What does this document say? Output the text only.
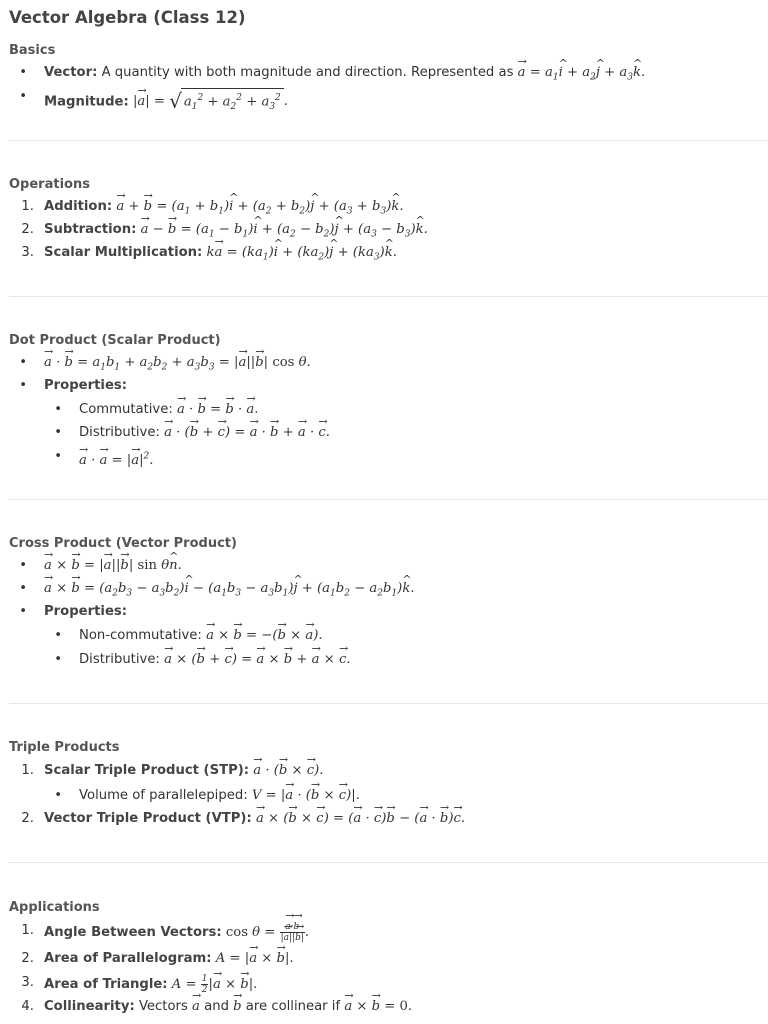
Vector Algebra (Class 12)
Basics
• Vector: A quantity with both magnitude and direction. Represented as → $a = a_1\^{}$ $i + a_2\^{}$ $j + a_3\^{}$ k.
• Magnitude: |→ a| = √ $a_1^2 + a_2^2 + a_3^2$ .
Operations
1. Addition: → a + → $b = (a_1$ + $b_1)\^{}$ $i + (a_2$ + $b_2)\^{}$ $j + (a_3$ + $b_3)\^{}$ k.
2. Subtraction: → a − → $b = (a_1$ − $b_1)\^{}$ $i + (a_2$ − $b_2)\^{}$ $j + (a_3$ − $b_3)\^{}$ k.
3. Scalar Multiplication: $k\to a = (ka_1)\^{}$ $i + (ka_2)\^{}$ $j + (ka_3)\^{}$ k.
Dot Product (Scalar Product)
• → a · → $b = a_1b_1 + a_2b_2 + a_3b_3$ = |→ a||→ b| cos θ.
• Properties:
• Commutative: → a · → b = → b · → a.
• Distributive: → a · (→ b + → c) = → a · → b + → a · → c.
• → a · → a = |→ $a|^2$.
Cross Product (Vector Product)
• → a × → b = |→ a||→ b| sin θ^ n.
• → a × → $b = (a_2b_3$ − $a_3b_2)\^{}$ $i - (a_1b_3$ − $a_3b_1)\^{}$ $j + (a_1b_2$ − $a_2b_1)\^{}$ k.
• Properties:
• Non-commutative: → a × → b = −(→ b × → a).
• Distributive: → a × (→ b + → c) = → a × → b + → a × → c.
Triple Products
1. Scalar Triple Product (STP): → a · (→ b × → c).
• Volume of parallelepiped: V = |→ a · (→ b × → c)|.
2. Vector Triple Product (VTP): → a × (→ b × → c) = (→ a · → c)→ b − (→ a · → b)→ c.
Applications
1. Angle Between Vectors: cos θ = → $\frac{a\cdot\to b}{|\to a||\to b|}$ .
2. Area of Parallelogram: A = |→ a × → b|.
3. Area of Triangle: $A = \frac{1}{2}$ |→ a × → b|.
4. Collinearity: Vectors → a and → b are collinear if → a × → b = 0.
